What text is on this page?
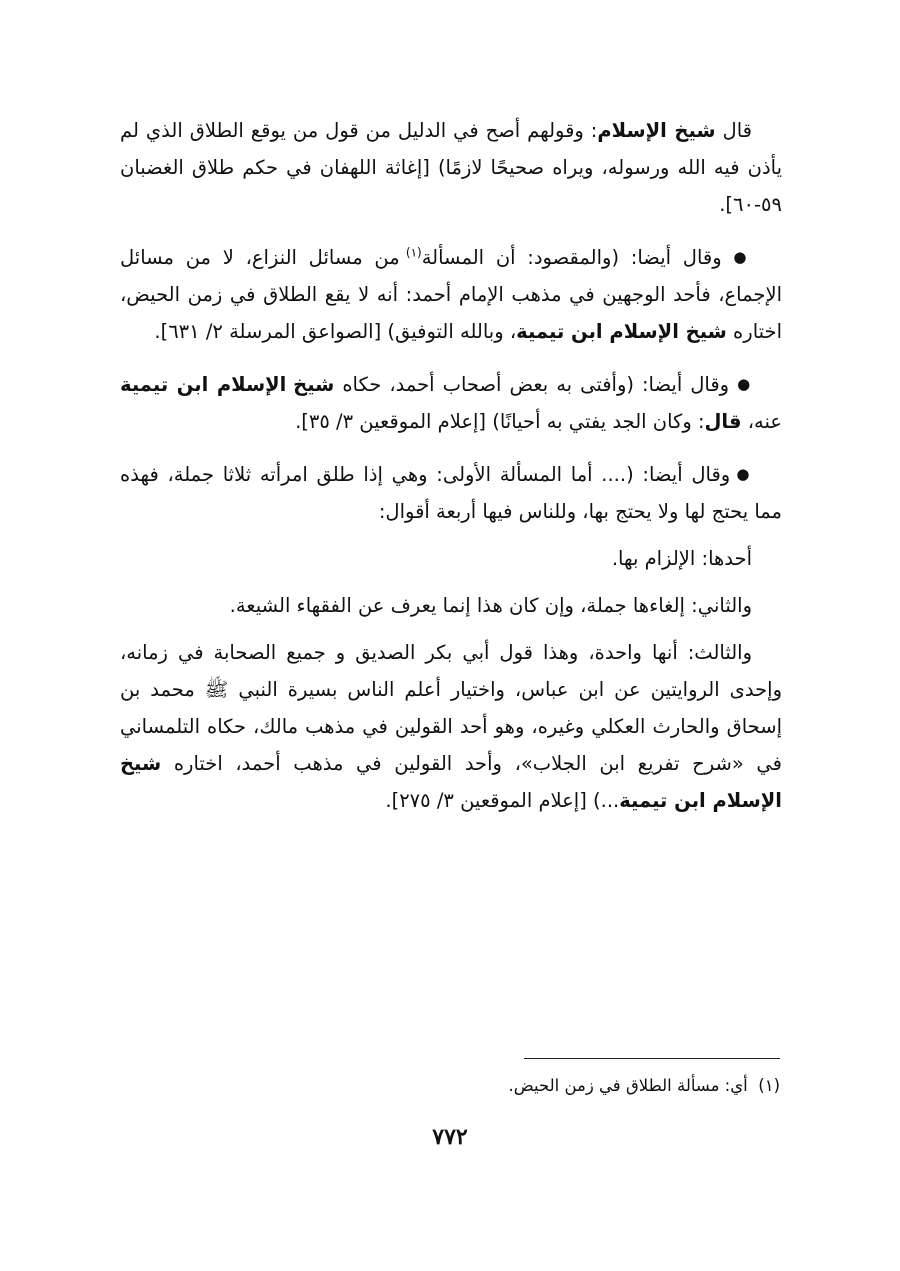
قال شيخ الإسلام: وقولهم أصح في الدليل من قول من يوقع الطلاق الذي لم يأذن فيه الله ورسوله، ويراه صحيحًا لازمًا) [إغاثة اللهفان في حكم طلاق الغضبان ٥٩-٦٠].

● وقال أيضا: (والمقصود: أن المسألة$^{(١)}$ من مسائل النزاع، لا من مسائل الإجماع، فأحد الوجهين في مذهب الإمام أحمد: أنه لا يقع الطلاق في زمن الحيض، اختاره شيخ الإسلام ابن تيمية، وبالله التوفيق) [الصواعق المرسلة ٢/ ٦٣١].

● وقال أيضا: (وأفتى به بعض أصحاب أحمد، حكاه شيخ الإسلام ابن تيمية عنه، قال: وكان الجد يفتي به أحيانًا) [إعلام الموقعين ٣/ ٣٥].

● وقال أيضا: (.... أما المسألة الأولى: وهي إذا طلق امرأته ثلاثا جملة، فهذه مما يحتج لها ولا يحتج بها، وللناس فيها أربعة أقوال:

أحدها: الإلزام بها.

والثاني: إلغاءها جملة، وإن كان هذا إنما يعرف عن الفقهاء الشيعة.

والثالث: أنها واحدة، وهذا قول أبي بكر الصديق و جميع الصحابة في زمانه، وإحدى الروايتين عن ابن عباس، واختيار أعلم الناس بسيرة النبي ﷺ محمد بن إسحاق والحارث العكلي وغيره، وهو أحد القولين في مذهب مالك، حكاه التلمساني في «شرح تفريع ابن الجلاب»، وأحد القولين في مذهب أحمد، اختاره شيخ الإسلام ابن تيمية...) [إعلام الموقعين ٣/ ٢٧٥].

(١)  أي: مسألة الطلاق في زمن الحيض.
٧٧٢
